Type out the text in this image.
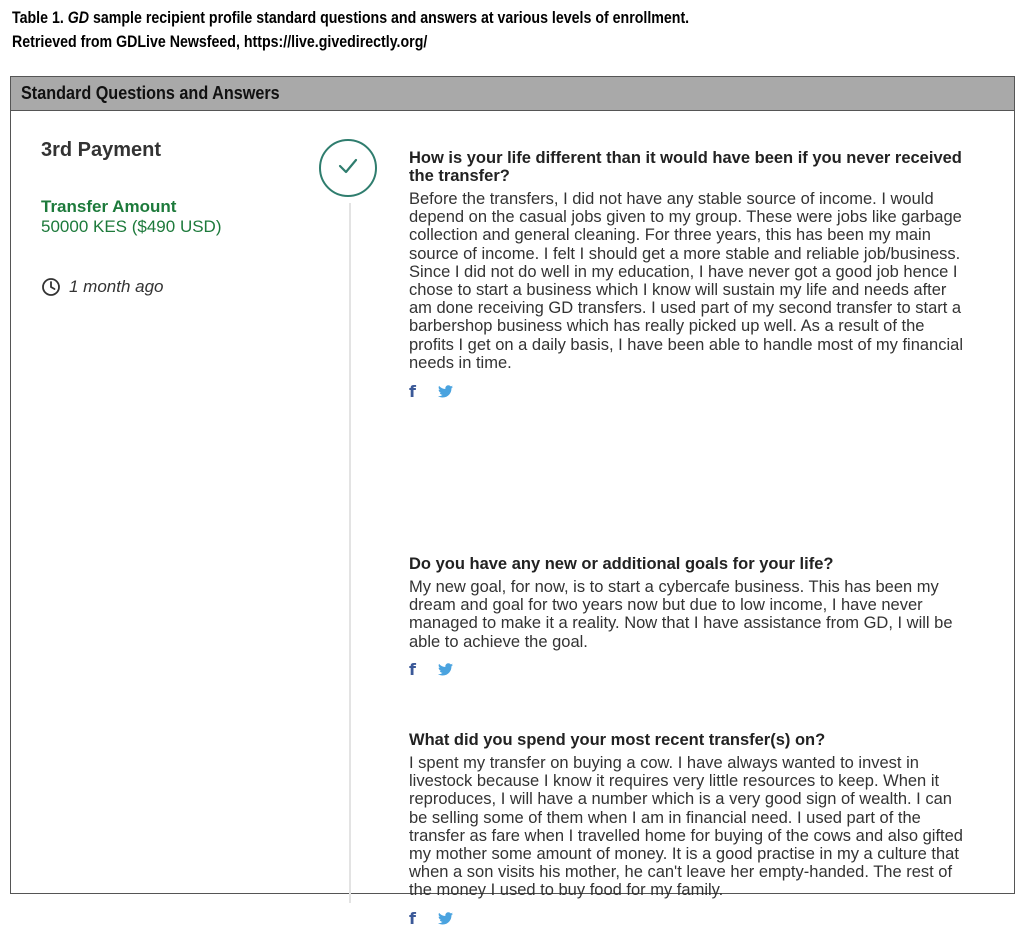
Table 1. GD sample recipient profile standard questions and answers at various levels of enrollment.
Retrieved from GDLive Newsfeed, https://live.givedirectly.org/
Standard Questions and Answers
3rd Payment
Transfer Amount
50000 KES ($490 USD)
1 month ago
How is your life different than it would have been if you never received the transfer?
Before the transfers, I did not have any stable source of income. I would depend on the casual jobs given to my group. These were jobs like garbage collection and general cleaning. For three years, this has been my main source of income. I felt I should get a more stable and reliable job/business. Since I did not do well in my education, I have never got a good job hence I chose to start a business which I know will sustain my life and needs after am done receiving GD transfers. I used part of my second transfer to start a barbershop business which has really picked up well. As a result of the profits I get on a daily basis, I have been able to handle most of my financial needs in time.
f
Do you have any new or additional goals for your life?
My new goal, for now, is to start a cybercafe business. This has been my dream and goal for two years now but due to low income, I have never managed to make it a reality. Now that I have assistance from GD, I will be able to achieve the goal.
f
What did you spend your most recent transfer(s) on?
I spent my transfer on buying a cow. I have always wanted to invest in livestock because I know it requires very little resources to keep. When it reproduces, I will have a number which is a very good sign of wealth. I can be selling some of them when I am in financial need. I used part of the transfer as fare when I travelled home for buying of the cows and also gifted my mother some amount of money. It is a good practise in my a culture that when a son visits his mother, he can't leave her empty-handed. The rest of the money I used to buy food for my family.
f
